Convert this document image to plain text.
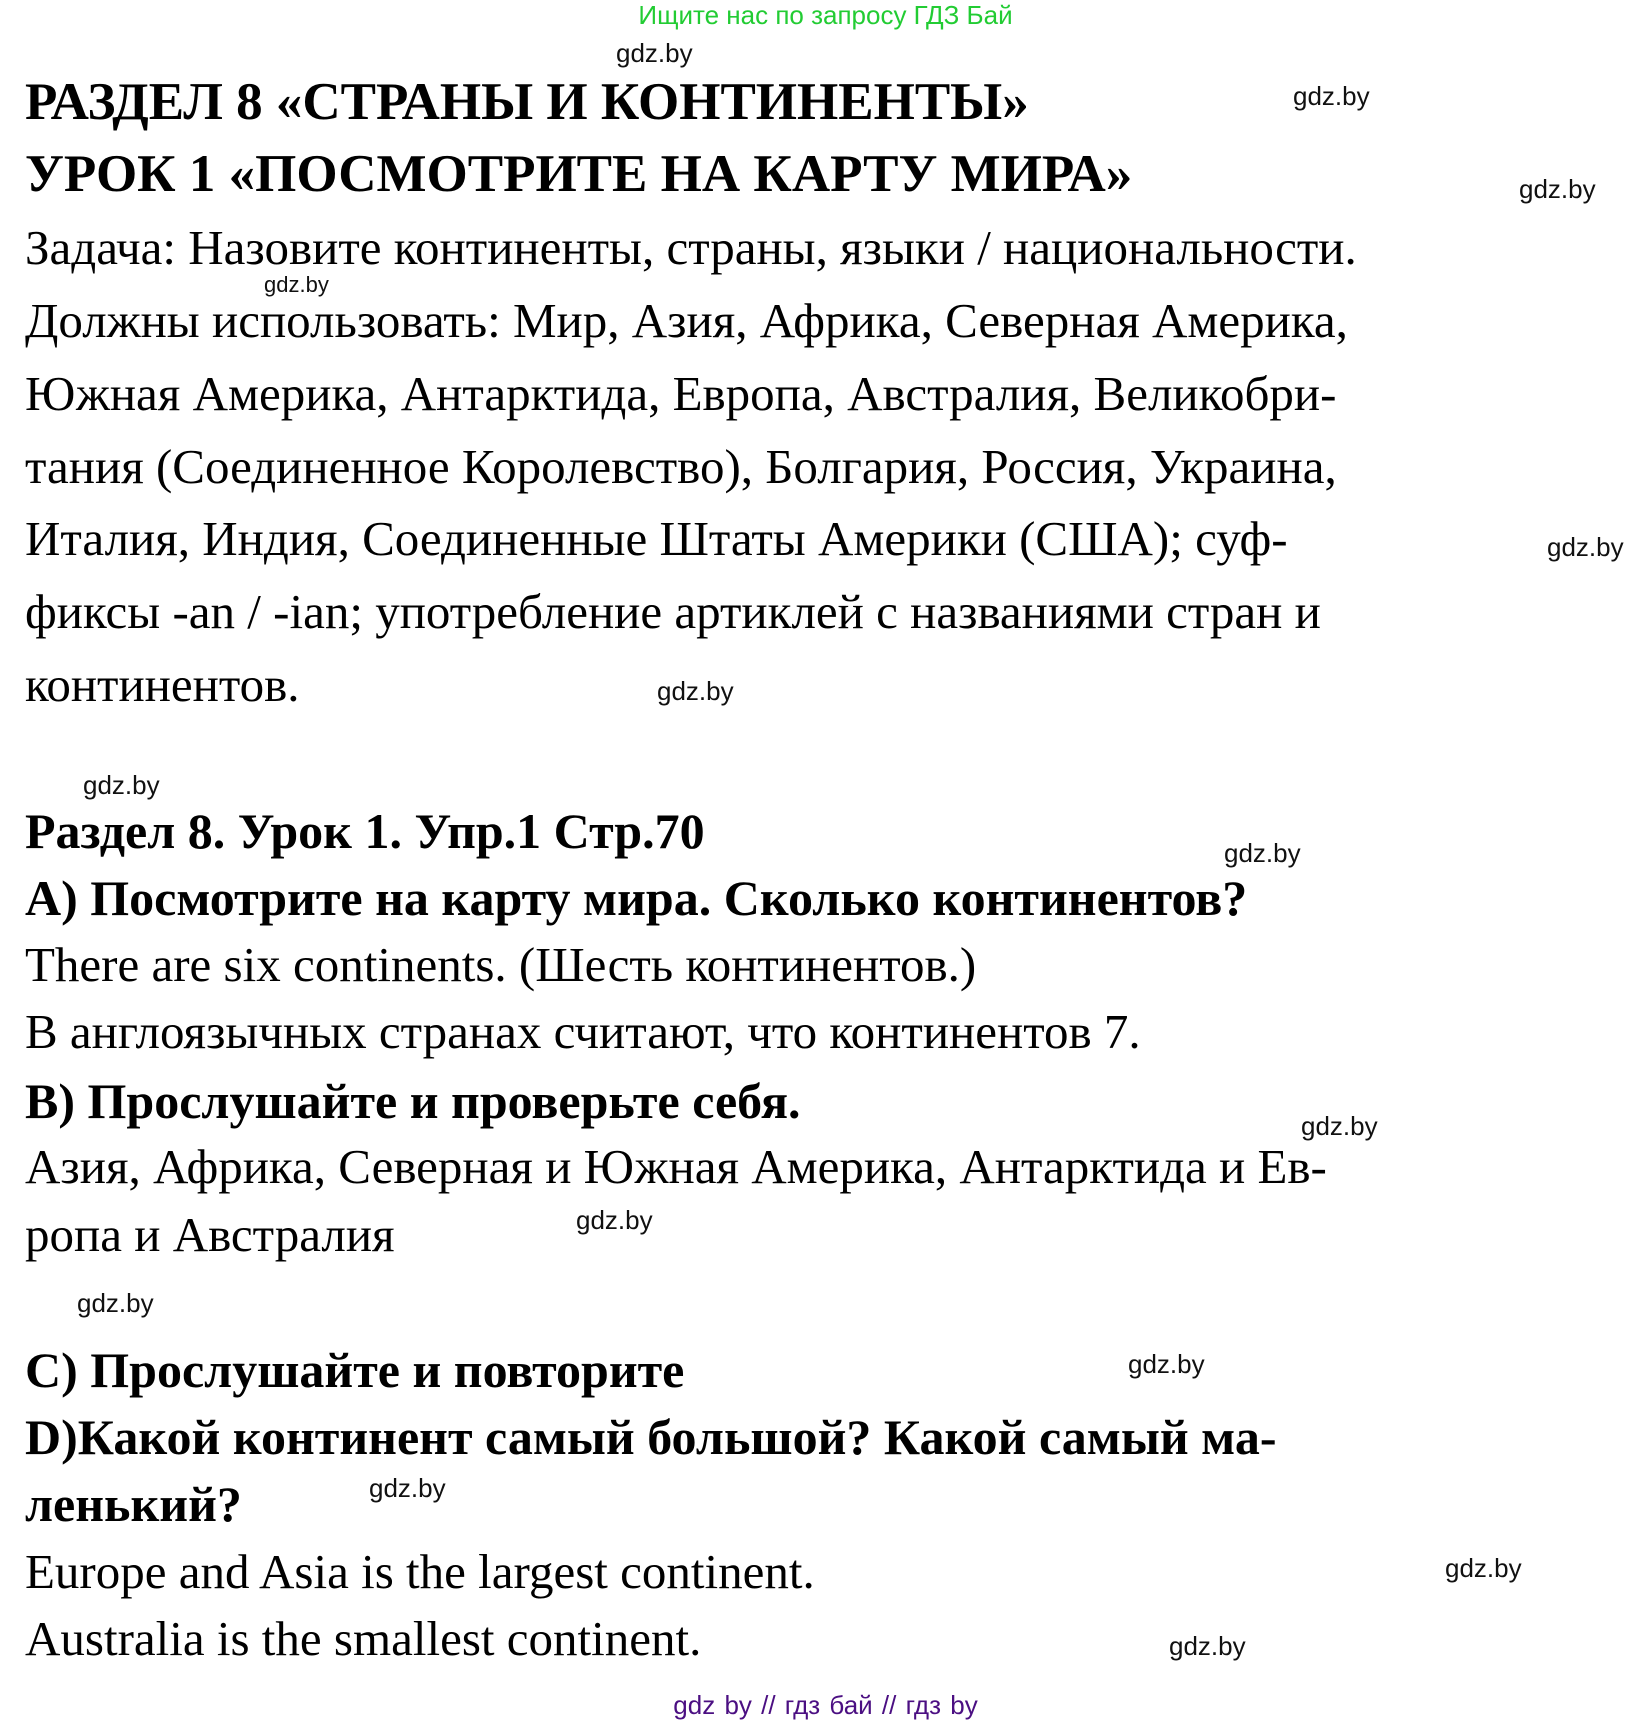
Ищите нас по запросу ГДЗ Бай
РАЗДЕЛ 8 «СТРАНЫ И КОНТИНЕНТЫ»
УРОК 1 «ПОСМОТРИТЕ НА КАРТУ МИРА»
Задача: Назовите континенты, страны, языки / национальности.
Должны использовать: Мир, Азия, Африка, Северная Америка,
Южная Америка, Антарктида, Европа, Австралия, Великобри-
тания (Соединенное Королевство), Болгария, Россия, Украина,
Италия, Индия, Соединенные Штаты Америки (США); суф-
фиксы -an / -ian; употребление артиклей с названиями стран и
континентов.
Раздел 8. Урок 1. Упр.1 Стр.70
A) Посмотрите на карту мира. Сколько континентов?
There are six continents. (Шесть континентов.)
В англоязычных странах считают, что континентов 7.
B) Прослушайте и проверьте себя.
Азия, Африка, Северная и Южная Америка, Антарктида и Ев-
ропа и Австралия
C) Прослушайте и повторите
D)Какой континент самый большой? Какой самый ма-
ленький?
Europe and Asia is the largest continent.
Australia is the smallest continent.
gdz.by
gdz.by
gdz.by
gdz.by
gdz.by
gdz.by
gdz.by
gdz.by
gdz.by
gdz.by
gdz.by
gdz.by
gdz.by
gdz.by
gdz.by
gdz by // гдз бай // гдз by
